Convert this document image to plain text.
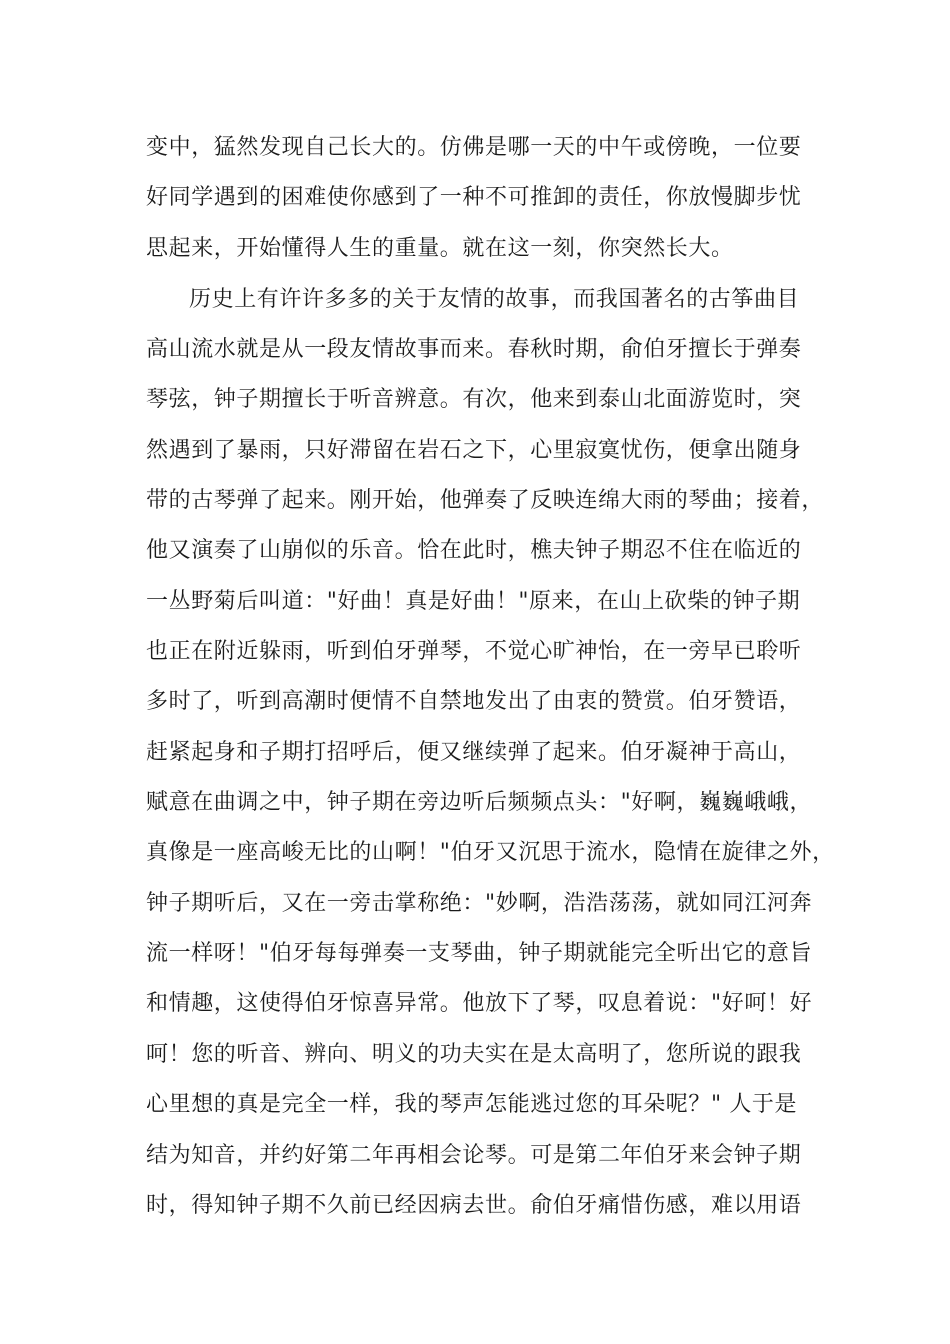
变中，猛然发现自己长大的。仿佛是哪一天的中午或傍晚，一位要
好同学遇到的困难使你感到了一种不可推卸的责任，你放慢脚步忧
思起来，开始懂得人生的重量。就在这一刻，你突然长大。
历史上有许许多多的关于友情的故事，而我国著名的古筝曲目
高山流水就是从一段友情故事而来。春秋时期，俞伯牙擅长于弹奏
琴弦，钟子期擅长于听音辨意。有次，他来到泰山北面游览时，突
然遇到了暴雨，只好滞留在岩石之下，心里寂寞忧伤，便拿出随身
带的古琴弹了起来。刚开始，他弹奏了反映连绵大雨的琴曲；接着，
他又演奏了山崩似的乐音。恰在此时，樵夫钟子期忍不住在临近的
一丛野菊后叫道："好曲！真是好曲！"原来，在山上砍柴的钟子期
也正在附近躲雨，听到伯牙弹琴，不觉心旷神怡，在一旁早已聆听
多时了，听到高潮时便情不自禁地发出了由衷的赞赏。伯牙赞语，
赶紧起身和子期打招呼后，便又继续弹了起来。伯牙凝神于高山，
赋意在曲调之中，钟子期在旁边听后频频点头："好啊，巍巍峨峨，
真像是一座高峻无比的山啊！"伯牙又沉思于流水，隐情在旋律之外，
钟子期听后，又在一旁击掌称绝："妙啊，浩浩荡荡，就如同江河奔
流一样呀！"伯牙每每弹奏一支琴曲，钟子期就能完全听出它的意旨
和情趣，这使得伯牙惊喜异常。他放下了琴，叹息着说："好呵！好
呵！您的听音、辨向、明义的功夫实在是太高明了，您所说的跟我
心里想的真是完全一样，我的琴声怎能逃过您的耳朵呢？" 人于是
结为知音，并约好第二年再相会论琴。可是第二年伯牙来会钟子期
时，得知钟子期不久前已经因病去世。俞伯牙痛惜伤感，难以用语
